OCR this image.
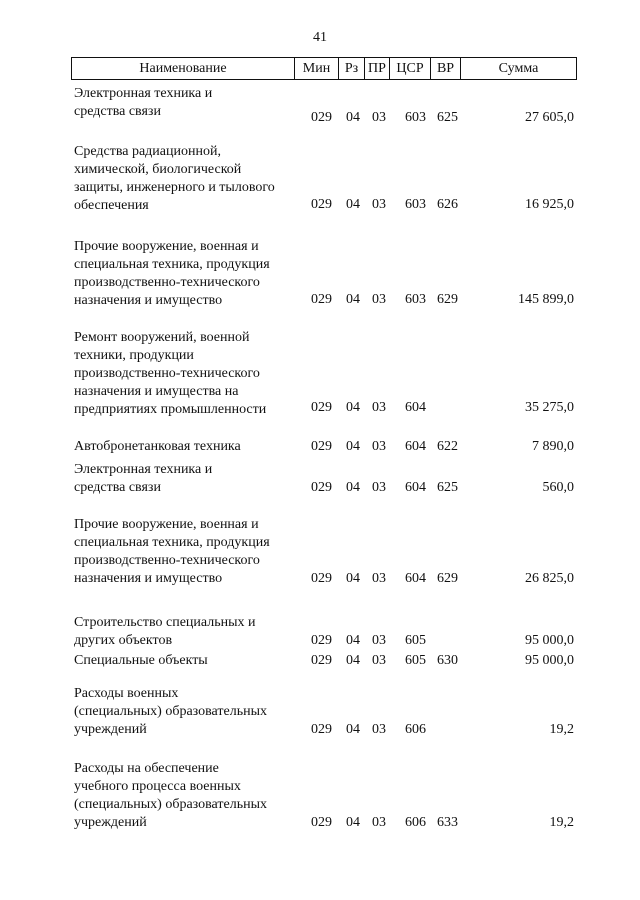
41
Наименование	Мин	Рз ПР ЦСР ВР	Сумма
Электронная техника и
средства связи	029 04 03 603 625	27 605,0
Средства радиационной,
химической, биологической
защиты, инженерного и тылового
обеспечения	029 04 03 603 626	16 925,0
Прочие вооружение, военная и
специальная техника, продукция
производственно-технического
назначения и имущество	029 04 03 603 629	145 899,0
Ремонт вооружений, военной
техники, продукции
производственно-технического
назначения и имущества на
предприятиях промышленности	029 04 03 604	35 275,0
Автобронетанковая техника	029 04 03 604 622	7 890,0
Электронная техника и
средства связи	029 04 03 604 625	560,0
Прочие вооружение, военная и
специальная техника, продукция
производственно-технического
назначения и имущество	029 04 03 604 629	26 825,0
Строительство специальных и
других объектов	029 04 03 605	95 000,0
Специальные объекты	029 04 03 605 630	95 000,0
Расходы военных
(специальных) образовательных
учреждений	029 04 03 606	19,2
Расходы на обеспечение
учебного процесса военных
(специальных) образовательных
учреждений	029 04 03 606 633	19,2
